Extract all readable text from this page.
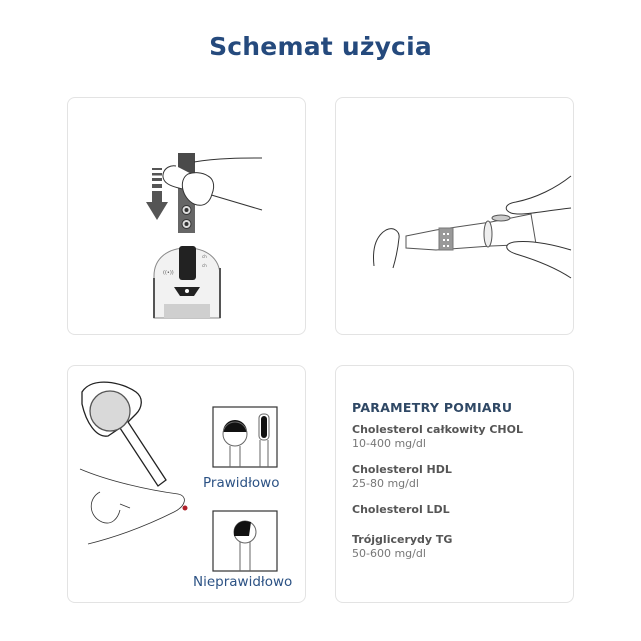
Schemat użycia
((•))
ch
ch
Prawidłowo
Nieprawidłowo
PARAMETRY POMIARU
Cholesterol całkowity CHOL
10-400 mg/dl
Cholesterol HDL
25-80 mg/dl
Cholesterol LDL
Trójglicerydy TG
50-600 mg/dl
